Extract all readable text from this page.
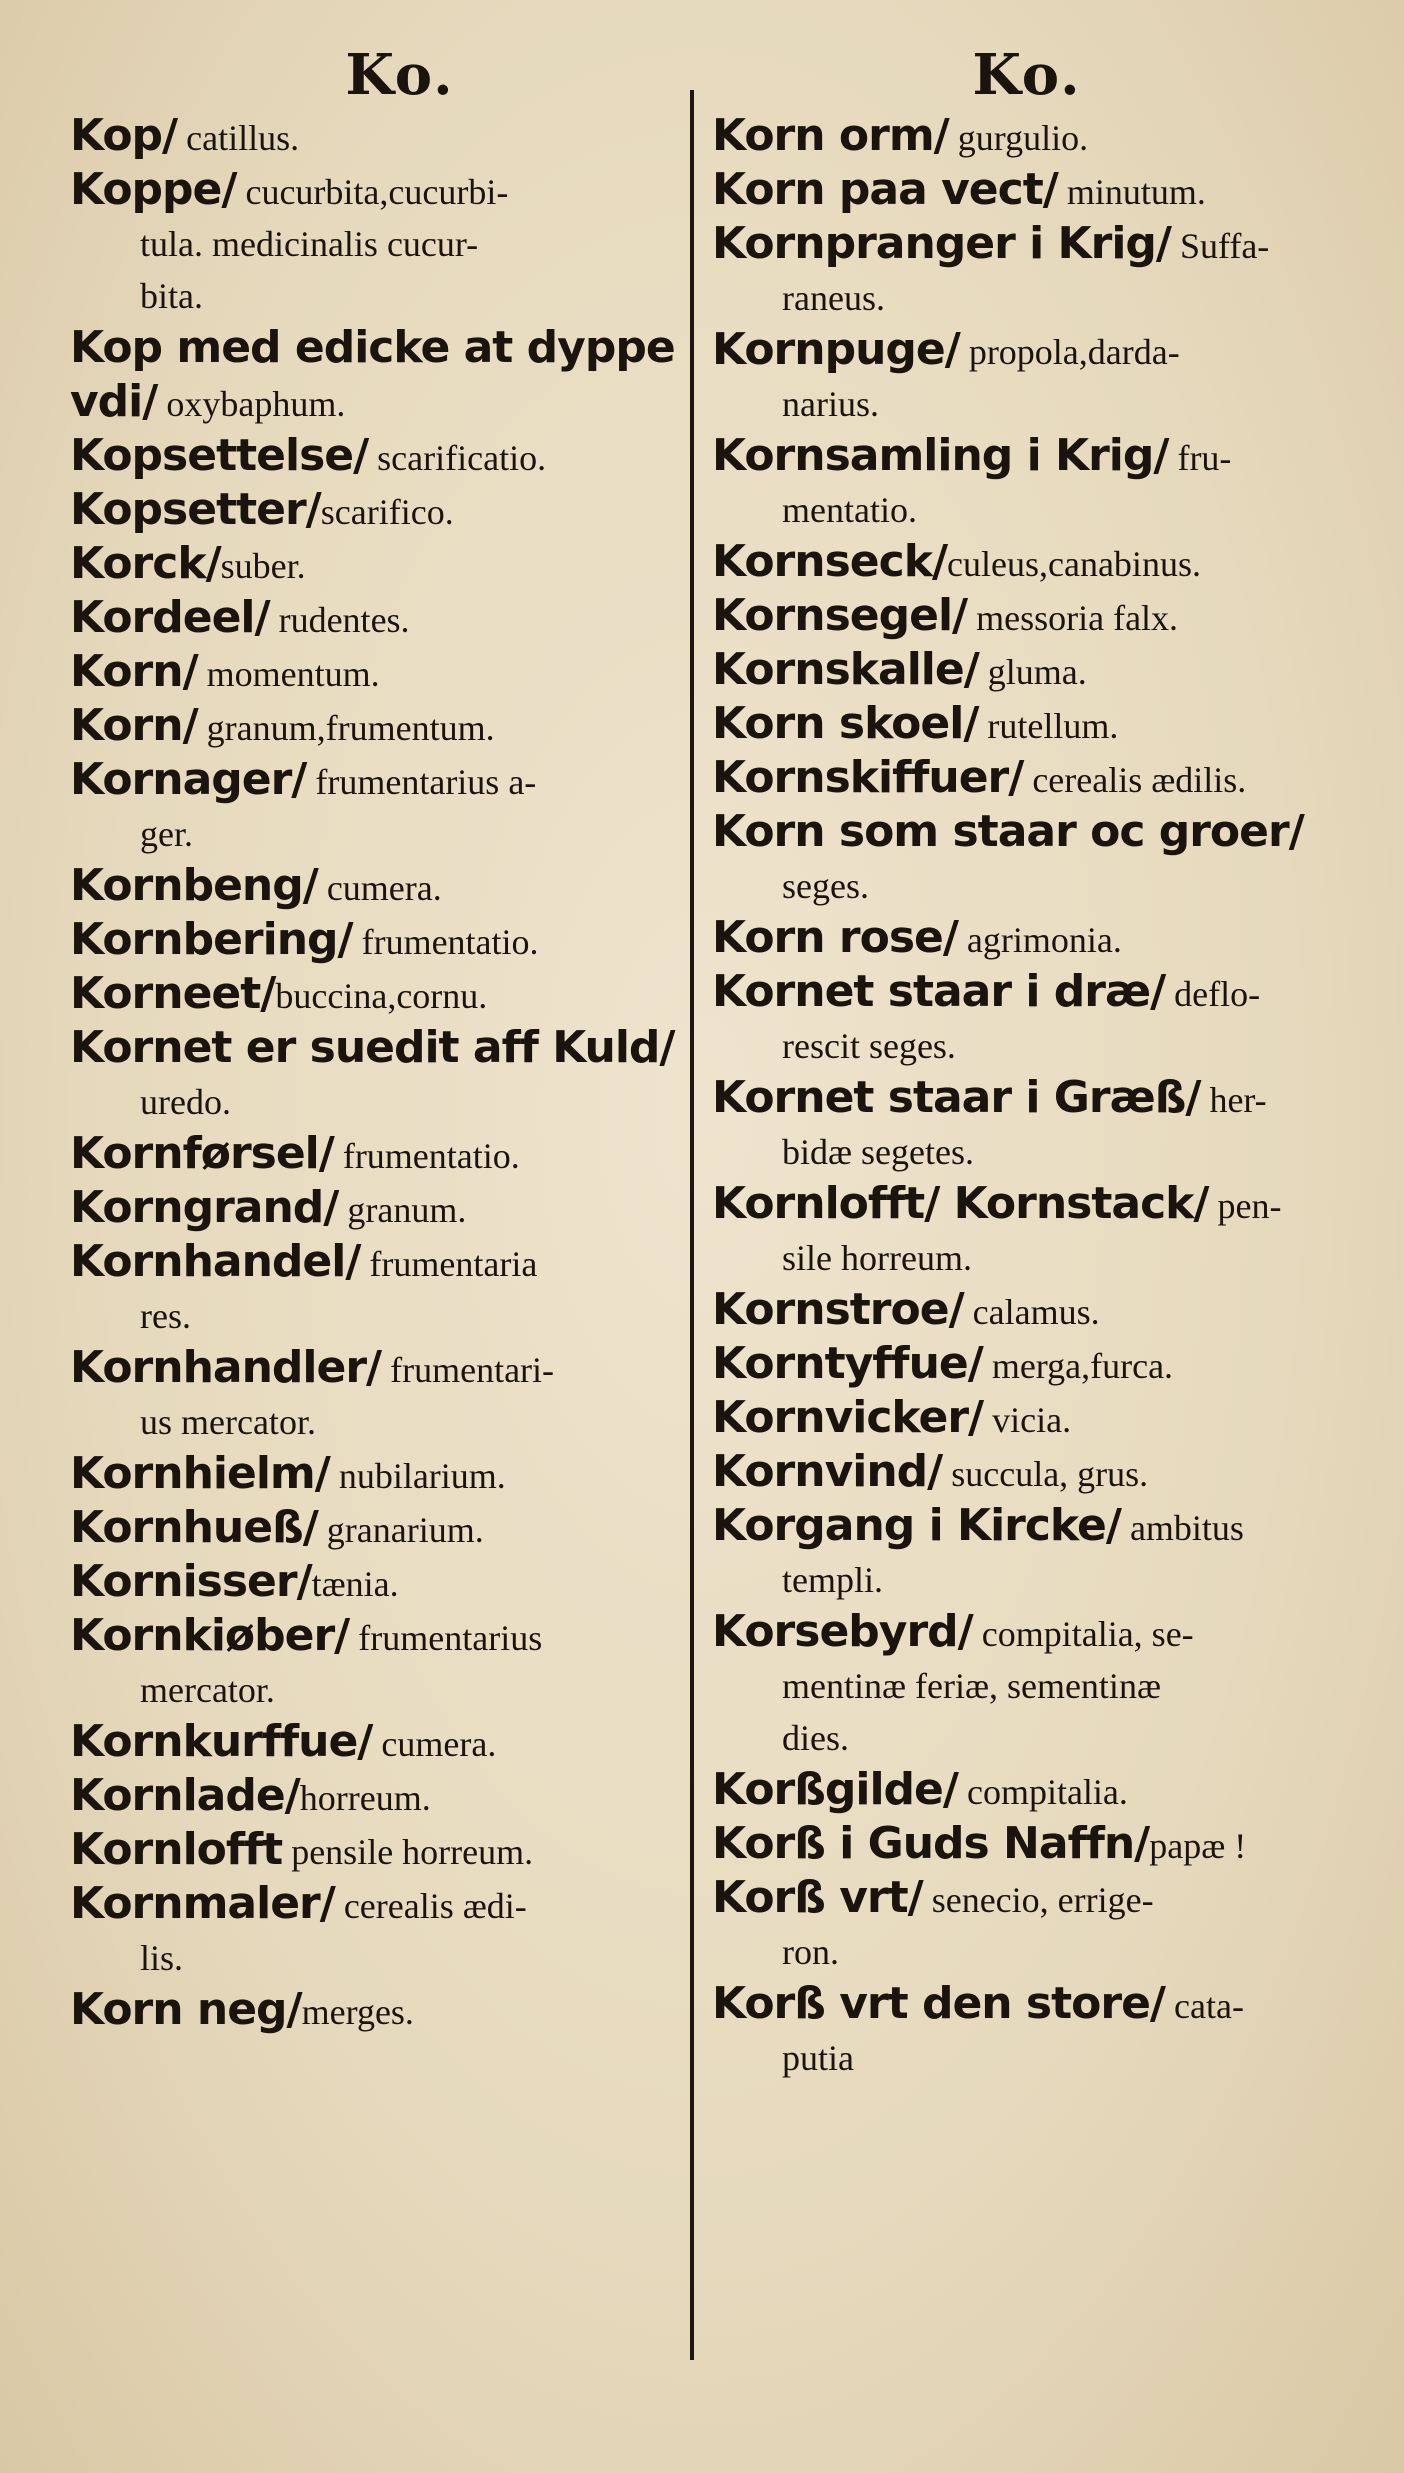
Ko.
Kop/ catillus.
Koppe/ cucurbita,cucurbi-
tula. medicinalis cucur-
bita.
Kop med edicke at dyppe
vdi/ oxybaphum.
Kopsettelse/ scarificatio.
Kopsetter/scarifico.
Korck/suber.
Kordeel/ rudentes.
Korn/ momentum.
Korn/ granum,frumentum.
Kornager/ frumentarius a-
ger.
Kornbeng/ cumera.
Kornbering/ frumentatio.
Korneet/buccina,cornu.
Kornet er suedit aff Kuld/
uredo.
Kornførsel/ frumentatio.
Korngrand/ granum.
Kornhandel/ frumentaria
res.
Kornhandler/ frumentari-
us mercator.
Kornhielm/ nubilarium.
Kornhueß/ granarium.
Kornisser/tænia.
Kornkiøber/ frumentarius
mercator.
Kornkurffue/ cumera.
Kornlade/horreum.
Kornlofft pensile horreum.
Kornmaler/ cerealis ædi-
lis.
Korn neg/merges.
Ko.
Korn orm/ gurgulio.
Korn paa vect/ minutum.
Kornpranger i Krig/ Suffa-
raneus.
Kornpuge/ propola,darda-
narius.
Kornsamling i Krig/ fru-
mentatio.
Kornseck/culeus,canabinus.
Kornsegel/ messoria falx.
Kornskalle/ gluma.
Korn skoel/ rutellum.
Kornskiffuer/ cerealis ædilis.
Korn som staar oc groer/
seges.
Korn rose/ agrimonia.
Kornet staar i dræ/ deflo-
rescit seges.
Kornet staar i Græß/ her-
bidæ segetes.
Kornlofft/ Kornstack/ pen-
sile horreum.
Kornstroe/ calamus.
Korntyffue/ merga,furca.
Kornvicker/ vicia.
Kornvind/ succula, grus.
Korgang i Kircke/ ambitus
templi.
Korsebyrd/ compitalia, se-
mentinæ feriæ, sementinæ
dies.
Korßgilde/ compitalia.
Korß i Guds Naffn/papæ !
Korß vrt/ senecio, errige-
ron.
Korß vrt den store/ cata-
putia
